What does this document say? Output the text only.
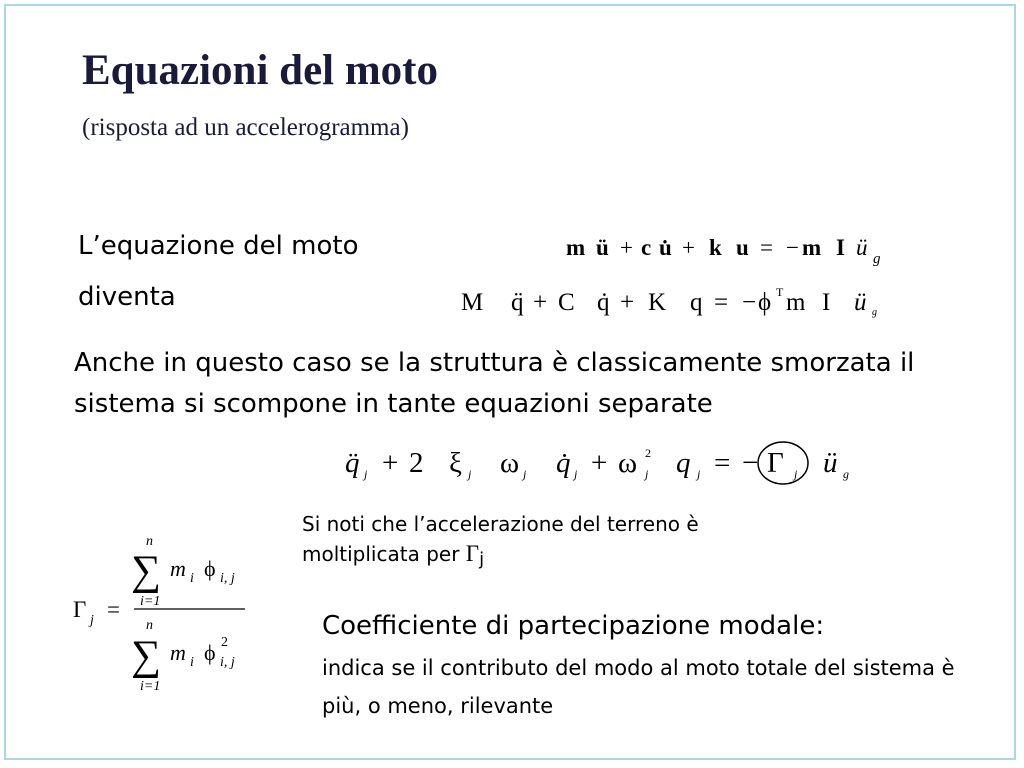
Equazioni del moto
(risposta ad un accelerogramma)
L’equazione del moto
diventa
Anche in questo caso se la struttura è classicamente smorzata il sistema si scompone in tante equazioni separate
Si noti che l’accelerazione del terreno è moltiplicata per Γj
Coefficiente di partecipazione modale:
indica se il contributo del modo al moto totale del sistema è più, o meno, rilevante
m ü + c u̇ + k u = − m I ü g
M q̈ + C q̇ + K q = − ϕ T m I ü g
q̈ j + 2 ξ j ω j q̇ j + ω 2
j q j = − Γ j ü g
Γ j =
n
∑
i=1
m i ϕ i, j
n
∑
i=1
m i ϕ 2
i, j
